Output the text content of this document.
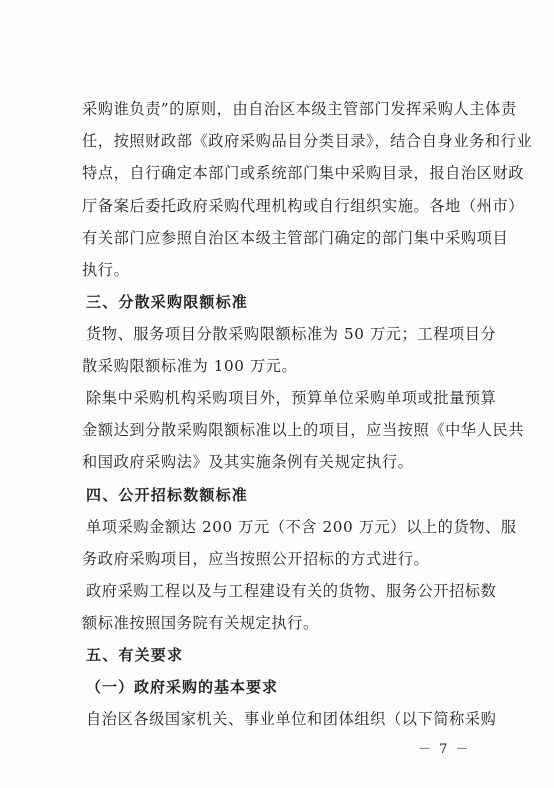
采购谁负责”的原则，由自治区本级主管部门发挥采购人主体责
任，按照财政部《政府采购品目分类目录》，结合自身业务和行业
特点，自行确定本部门或系统部门集中采购目录，报自治区财政
厅备案后委托政府采购代理机构或自行组织实施。各地（州市）
有关部门应参照自治区本级主管部门确定的部门集中采购项目
执行。
三、分散采购限额标准
货物、服务项目分散采购限额标准为 50 万元；工程项目分
散采购限额标准为 100 万元。
除集中采购机构采购项目外，预算单位采购单项或批量预算
金额达到分散采购限额标准以上的项目，应当按照《中华人民共
和国政府采购法》及其实施条例有关规定执行。
四、公开招标数额标准
单项采购金额达 200 万元（不含 200 万元）以上的货物、服
务政府采购项目，应当按照公开招标的方式进行。
政府采购工程以及与工程建设有关的货物、服务公开招标数
额标准按照国务院有关规定执行。
五、有关要求
（一）政府采购的基本要求
自治区各级国家机关、事业单位和团体组织（以下简称采购
－ 7 －
